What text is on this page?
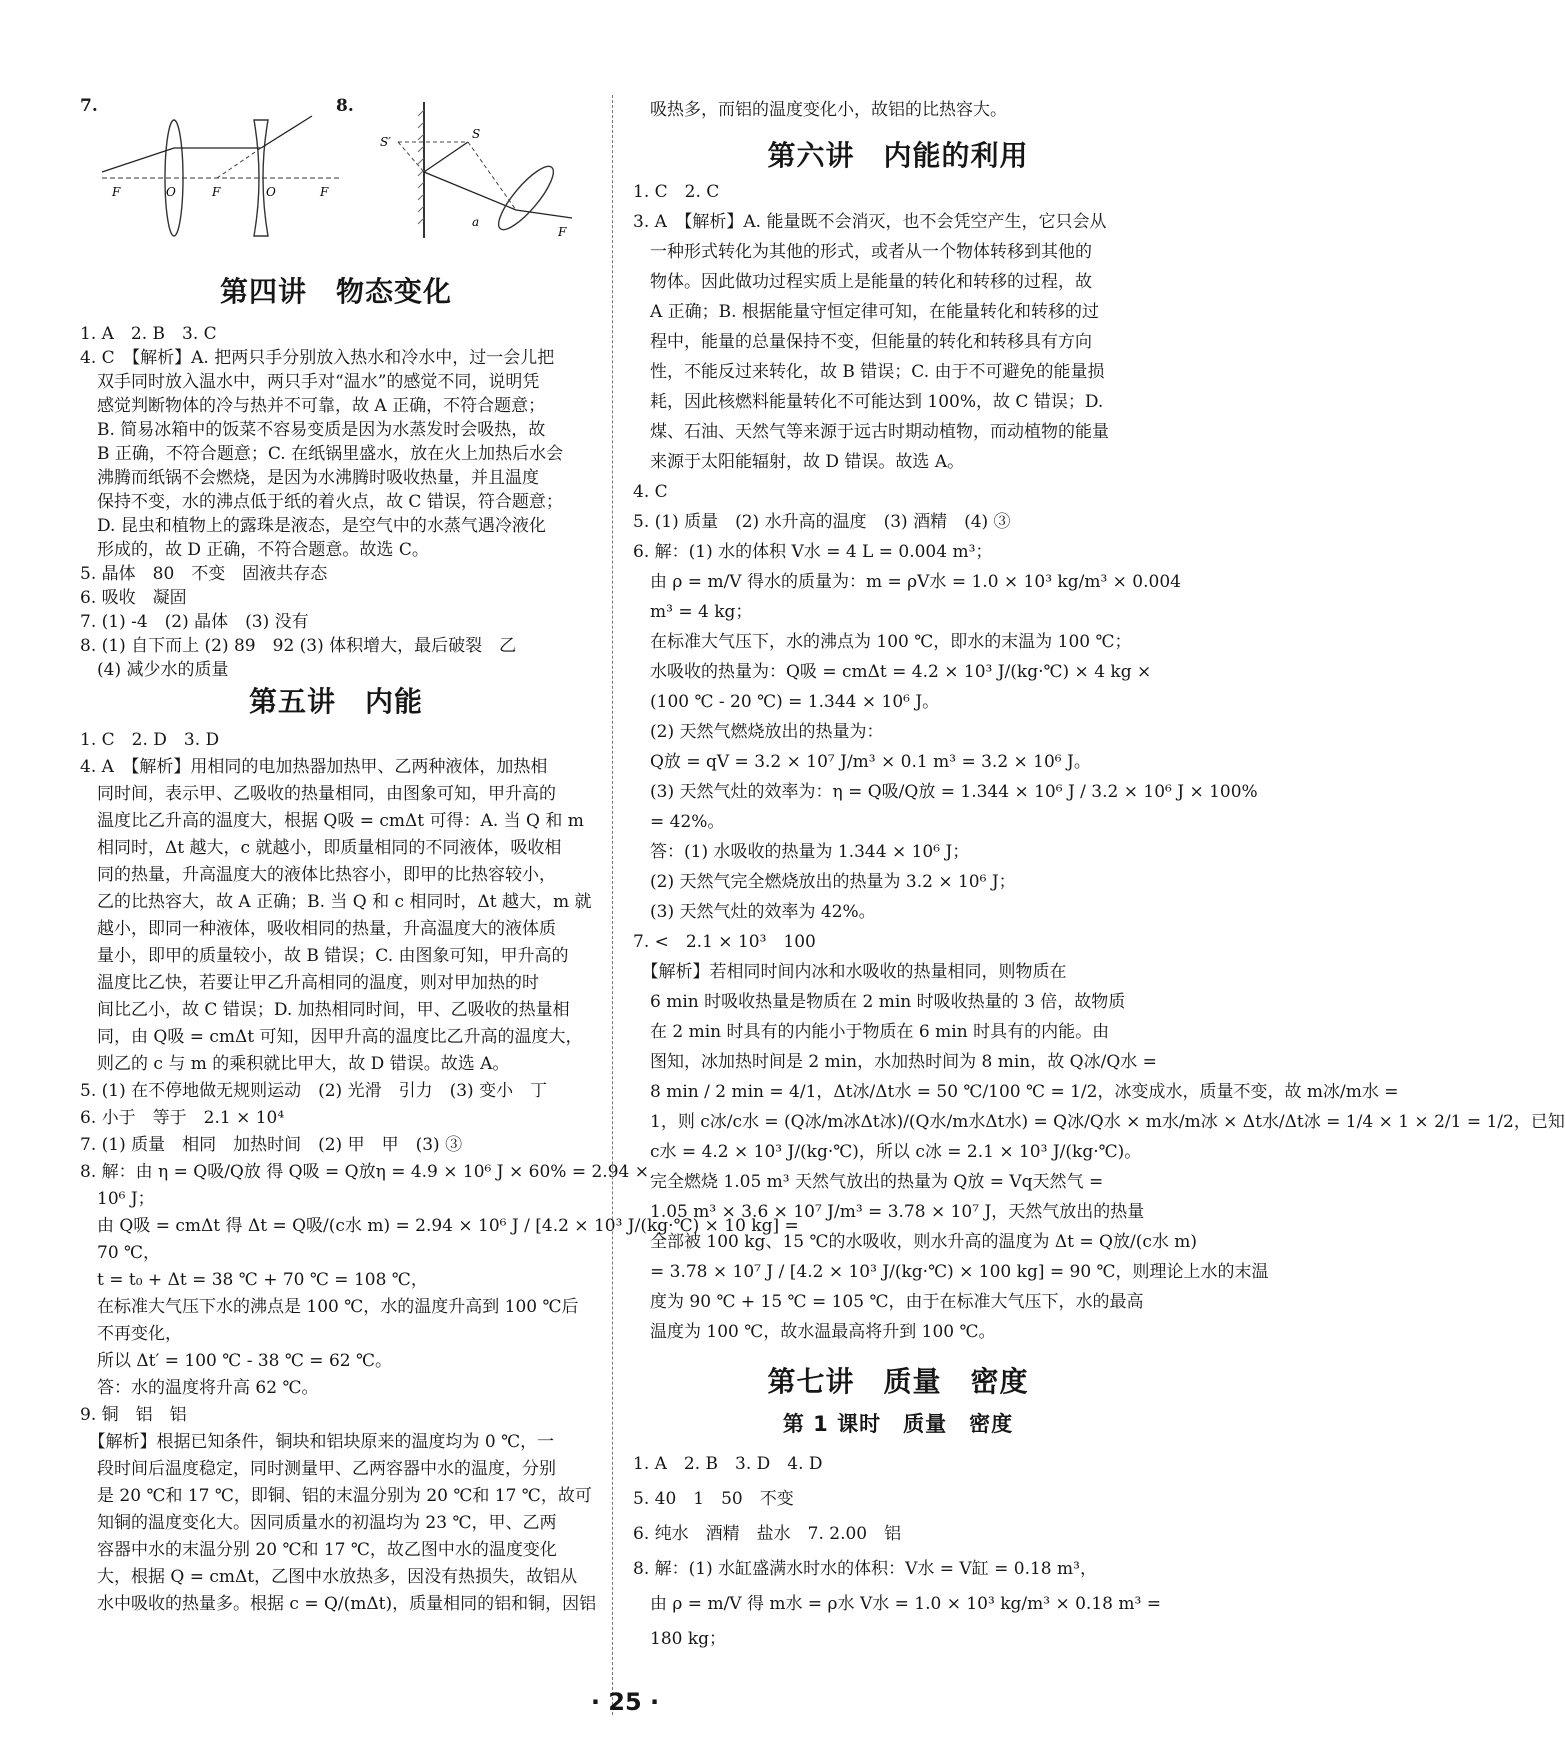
7.
F	O	F	O	F
8.
S′
S
a
F
第四讲　物态变化
1. A　2. B　3. C
4. C　【解析】A. 把两只手分别放入热水和冷水中，过一会儿把
　双手同时放入温水中，两只手对“温水”的感觉不同，说明凭
　感觉判断物体的冷与热并不可靠，故 A 正确，不符合题意；
　B. 简易冰箱中的饭菜不容易变质是因为水蒸发时会吸热，故
　B 正确，不符合题意；C. 在纸锅里盛水，放在火上加热后水会
　沸腾而纸锅不会燃烧，是因为水沸腾时吸收热量，并且温度
　保持不变，水的沸点低于纸的着火点，故 C 错误，符合题意；
　D. 昆虫和植物上的露珠是液态，是空气中的水蒸气遇冷液化
　形成的，故 D 正确，不符合题意。故选 C。
5. 晶体　80　不变　固液共存态
6. 吸收　凝固
7. (1) -4　(2) 晶体　(3) 没有
8. (1) 自下而上 (2) 89　92 (3) 体积增大，最后破裂　乙
　(4) 减少水的质量
第五讲　内能
1. C　2. D　3. D
4. A　【解析】用相同的电加热器加热甲、乙两种液体，加热相
　同时间，表示甲、乙吸收的热量相同，由图象可知，甲升高的
　温度比乙升高的温度大，根据 Q吸 = cmΔt 可得：A. 当 Q 和 m
　相同时，Δt 越大，c 就越小，即质量相同的不同液体，吸收相
　同的热量，升高温度大的液体比热容小，即甲的比热容较小，
　乙的比热容大，故 A 正确；B. 当 Q 和 c 相同时，Δt 越大，m 就
　越小，即同一种液体，吸收相同的热量，升高温度大的液体质
　量小，即甲的质量较小，故 B 错误；C. 由图象可知，甲升高的
　温度比乙快，若要让甲乙升高相同的温度，则对甲加热的时
　间比乙小，故 C 错误；D. 加热相同时间，甲、乙吸收的热量相
　同，由 Q吸 = cmΔt 可知，因甲升高的温度比乙升高的温度大，
　则乙的 c 与 m 的乘积就比甲大，故 D 错误。故选 A。
5. (1) 在不停地做无规则运动　(2) 光滑　引力　(3) 变小　丁
6. 小于　等于　2.1 × 10⁴
7. (1) 质量　相同　加热时间　(2) 甲　甲　(3) ③
8. 解：由 η = Q吸/Q放 得 Q吸 = Q放η = 4.9 × 10⁶ J × 60% = 2.94 ×
　10⁶ J；
　由 Q吸 = cmΔt 得 Δt = Q吸/(c水 m) = 2.94 × 10⁶ J / [4.2 × 10³ J/(kg·℃) × 10 kg] =
　70 ℃，
　t = t₀ + Δt = 38 ℃ + 70 ℃ = 108 ℃，
　在标准大气压下水的沸点是 100 ℃，水的温度升高到 100 ℃后
　不再变化，
　所以 Δt′ = 100 ℃ - 38 ℃ = 62 ℃。
　答：水的温度将升高 62 ℃。
9. 铜　铝　铝
　【解析】根据已知条件，铜块和铝块原来的温度均为 0 ℃，一
　段时间后温度稳定，同时测量甲、乙两容器中水的温度，分别
　是 20 ℃和 17 ℃，即铜、铝的末温分别为 20 ℃和 17 ℃，故可
　知铜的温度变化大。因同质量水的初温均为 23 ℃，甲、乙两
　容器中水的末温分别 20 ℃和 17 ℃，故乙图中水的温度变化
　大，根据 Q = cmΔt，乙图中水放热多，因没有热损失，故铝从
　水中吸收的热量多。根据 c = Q/(mΔt)，质量相同的铝和铜，因铝
　吸热多，而铝的温度变化小，故铝的比热容大。
第六讲　内能的利用
1. C　2. C
3. A　【解析】A. 能量既不会消灭，也不会凭空产生，它只会从
　一种形式转化为其他的形式，或者从一个物体转移到其他的
　物体。因此做功过程实质上是能量的转化和转移的过程，故
　A 正确；B. 根据能量守恒定律可知，在能量转化和转移的过
　程中，能量的总量保持不变，但能量的转化和转移具有方向
　性，不能反过来转化，故 B 错误；C. 由于不可避免的能量损
　耗，因此核燃料能量转化不可能达到 100%，故 C 错误；D.
　煤、石油、天然气等来源于远古时期动植物，而动植物的能量
　来源于太阳能辐射，故 D 错误。故选 A。
4. C
5. (1) 质量　(2) 水升高的温度　(3) 酒精　(4) ③
6. 解：(1) 水的体积 V水 = 4 L = 0.004 m³；
　由 ρ = m/V 得水的质量为：m = ρV水 = 1.0 × 10³ kg/m³ × 0.004
　m³ = 4 kg；
　在标准大气压下，水的沸点为 100 ℃，即水的末温为 100 ℃；
　水吸收的热量为：Q吸 = cmΔt = 4.2 × 10³ J/(kg·℃) × 4 kg ×
　(100 ℃ - 20 ℃) = 1.344 × 10⁶ J。
　(2) 天然气燃烧放出的热量为：
　Q放 = qV = 3.2 × 10⁷ J/m³ × 0.1 m³ = 3.2 × 10⁶ J。
　(3) 天然气灶的效率为：η = Q吸/Q放 = 1.344 × 10⁶ J / 3.2 × 10⁶ J × 100%
　= 42%。
　答：(1) 水吸收的热量为 1.344 × 10⁶ J；
　(2) 天然气完全燃烧放出的热量为 3.2 × 10⁶ J；
　(3) 天然气灶的效率为 42%。
7. <　2.1 × 10³　100
　【解析】若相同时间内冰和水吸收的热量相同，则物质在
　6 min 时吸收热量是物质在 2 min 时吸收热量的 3 倍，故物质
　在 2 min 时具有的内能小于物质在 6 min 时具有的内能。由
　图知，冰加热时间是 2 min，水加热时间为 8 min，故 Q冰/Q水 =
　8 min / 2 min = 4/1，Δt冰/Δt水 = 50 ℃/100 ℃ = 1/2，冰变成水，质量不变，故 m冰/m水 =
　1，则 c冰/c水 = (Q冰/m冰Δt冰)/(Q水/m水Δt水) = Q冰/Q水 × m水/m冰 × Δt水/Δt冰 = 1/4 × 1 × 2/1 = 1/2，已知
　c水 = 4.2 × 10³ J/(kg·℃)，所以 c冰 = 2.1 × 10³ J/(kg·℃)。
　完全燃烧 1.05 m³ 天然气放出的热量为 Q放 = Vq天然气 =
　1.05 m³ × 3.6 × 10⁷ J/m³ = 3.78 × 10⁷ J，天然气放出的热量
　全部被 100 kg、15 ℃的水吸收，则水升高的温度为 Δt = Q放/(c水 m)
　= 3.78 × 10⁷ J / [4.2 × 10³ J/(kg·℃) × 100 kg] = 90 ℃，则理论上水的末温
　度为 90 ℃ + 15 ℃ = 105 ℃，由于在标准大气压下，水的最高
　温度为 100 ℃，故水温最高将升到 100 ℃。
第七讲　质量　密度
第 1 课时　质量　密度
1. A　2. B　3. D　4. D
5. 40　1　50　不变
6. 纯水　酒精　盐水　7. 2.00　铝
8. 解：(1) 水缸盛满水时水的体积：V水 = V缸 = 0.18 m³，
　由 ρ = m/V 得 m水 = ρ水 V水 = 1.0 × 10³ kg/m³ × 0.18 m³ =
　180 kg；
· 25 ·
